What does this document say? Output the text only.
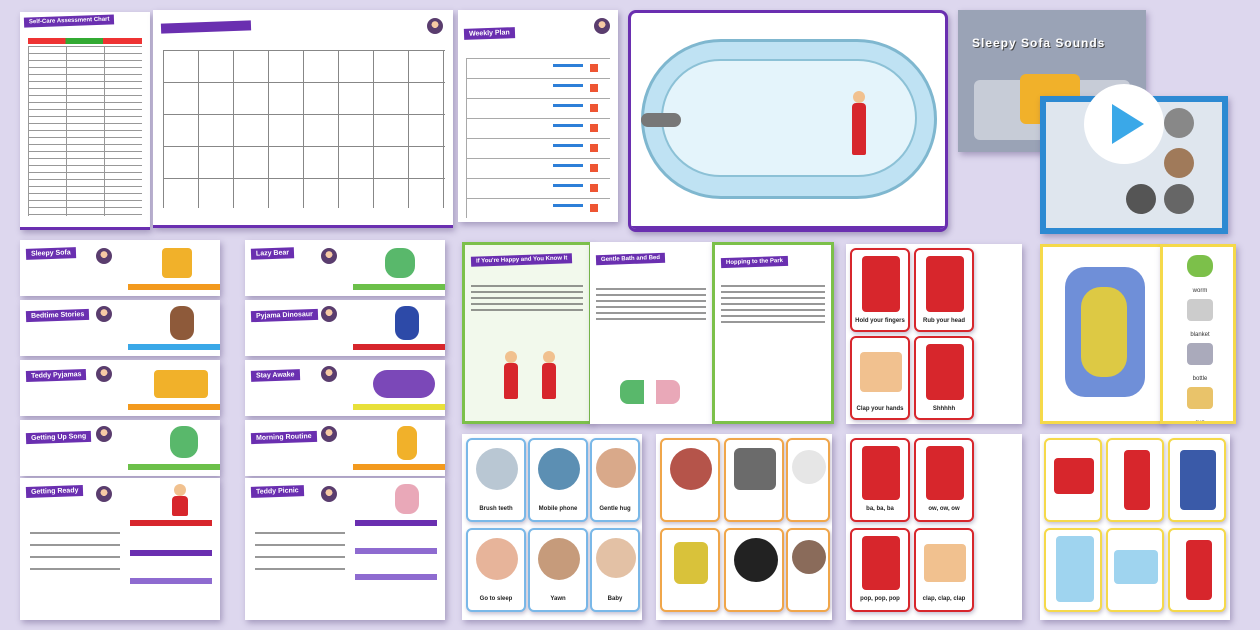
Self-Care Assessment Chart
Weekly Plan
Sleepy Sofa Sounds
Sleepy Sofa
Bedtime Stories
Teddy Pyjamas
Getting Up Song
Getting Ready
Lazy Bear
Pyjama Dinosaur
Stay Awake
Morning Routine
Teddy Picnic
If You're Happy and You Know It	Gentle Bath and Bed	Hopping to the Park
Hold your fingers	Rub your head
Clap your hands	Shhhhh
worm
blanket
bottle
cup
Brush teeth	Mobile phone	Gentle hug
Go to sleep	Yawn	Baby
ba, ba, ba	ow, ow, ow
pop, pop, pop	clap, clap, clap
